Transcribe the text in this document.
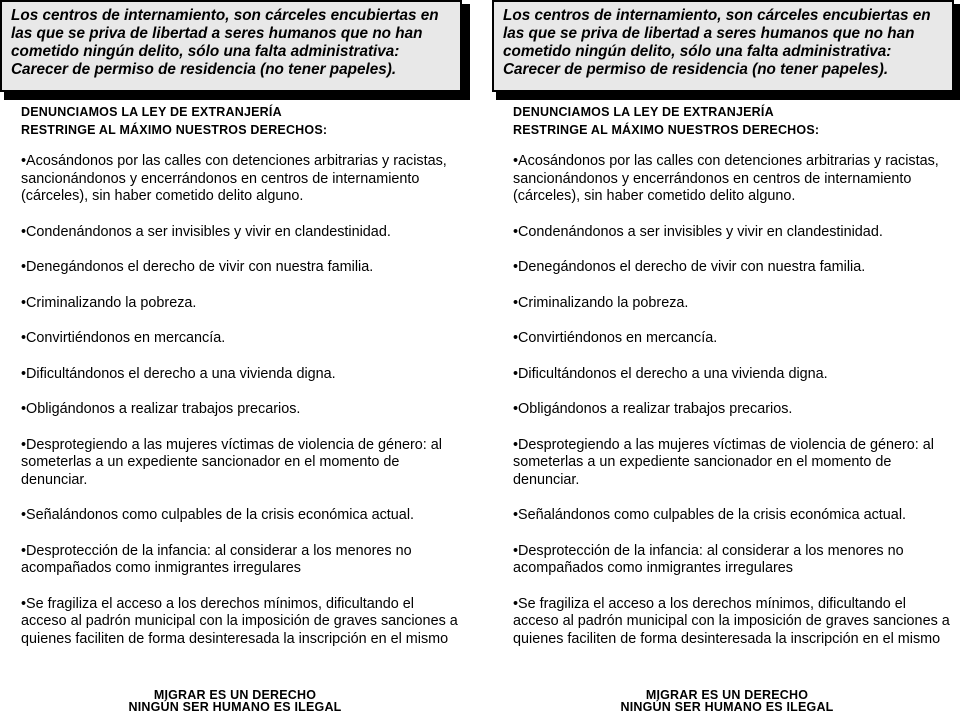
Los centros de internamiento, son cárceles encubiertas en las que se priva de libertad a seres humanos que no han cometido ningún delito, sólo una falta administrativa: Carecer de permiso de residencia (no tener papeles).
DENUNCIAMOS LA LEY DE EXTRANJERÍA
RESTRINGE AL MÁXIMO NUESTROS DERECHOS:
•Acosándonos por las calles con detenciones arbitrarias y racistas, sancionándonos y encerrándonos en centros de internamiento (cárceles), sin haber cometido delito alguno.
•Condenándonos a ser invisibles y vivir en clandestinidad.
•Denegándonos el derecho de vivir con nuestra familia.
•Criminalizando la pobreza.
•Convirtiéndonos en mercancía.
•Dificultándonos el derecho a una vivienda digna.
•Obligándonos a realizar trabajos precarios.
•Desprotegiendo a las mujeres víctimas de violencia de género: al someterlas a un expediente sancionador en el momento de denunciar.
•Señalándonos como culpables de la crisis económica actual.
•Desprotección de la infancia: al considerar a los menores no acompañados como inmigrantes irregulares
•Se fragiliza el acceso a los derechos mínimos, dificultando el acceso al padrón municipal con la imposición de graves sanciones a quienes faciliten de forma desinteresada la inscripción en el mismo
MIGRAR ES UN DERECHO
NINGÚN SER HUMANO ES ILEGAL
Los centros de internamiento, son cárceles encubiertas en las que se priva de libertad a seres humanos que no han cometido ningún delito, sólo una falta administrativa: Carecer de permiso de residencia (no tener papeles).
DENUNCIAMOS LA LEY DE EXTRANJERÍA
RESTRINGE AL MÁXIMO NUESTROS DERECHOS:
•Acosándonos por las calles con detenciones arbitrarias y racistas, sancionándonos y encerrándonos en centros de internamiento (cárceles), sin haber cometido delito alguno.
•Condenándonos a ser invisibles y vivir en clandestinidad.
•Denegándonos el derecho de vivir con nuestra familia.
•Criminalizando la pobreza.
•Convirtiéndonos en mercancía.
•Dificultándonos el derecho a una vivienda digna.
•Obligándonos a realizar trabajos precarios.
•Desprotegiendo a las mujeres víctimas de violencia de género: al someterlas a un expediente sancionador en el momento de denunciar.
•Señalándonos como culpables de la crisis económica actual.
•Desprotección de la infancia: al considerar a los menores no acompañados como inmigrantes irregulares
•Se fragiliza el acceso a los derechos mínimos, dificultando el acceso al padrón municipal con la imposición de graves sanciones a quienes faciliten de forma desinteresada la inscripción en el mismo
MIGRAR ES UN DERECHO
NINGÚN SER HUMANO ES ILEGAL
